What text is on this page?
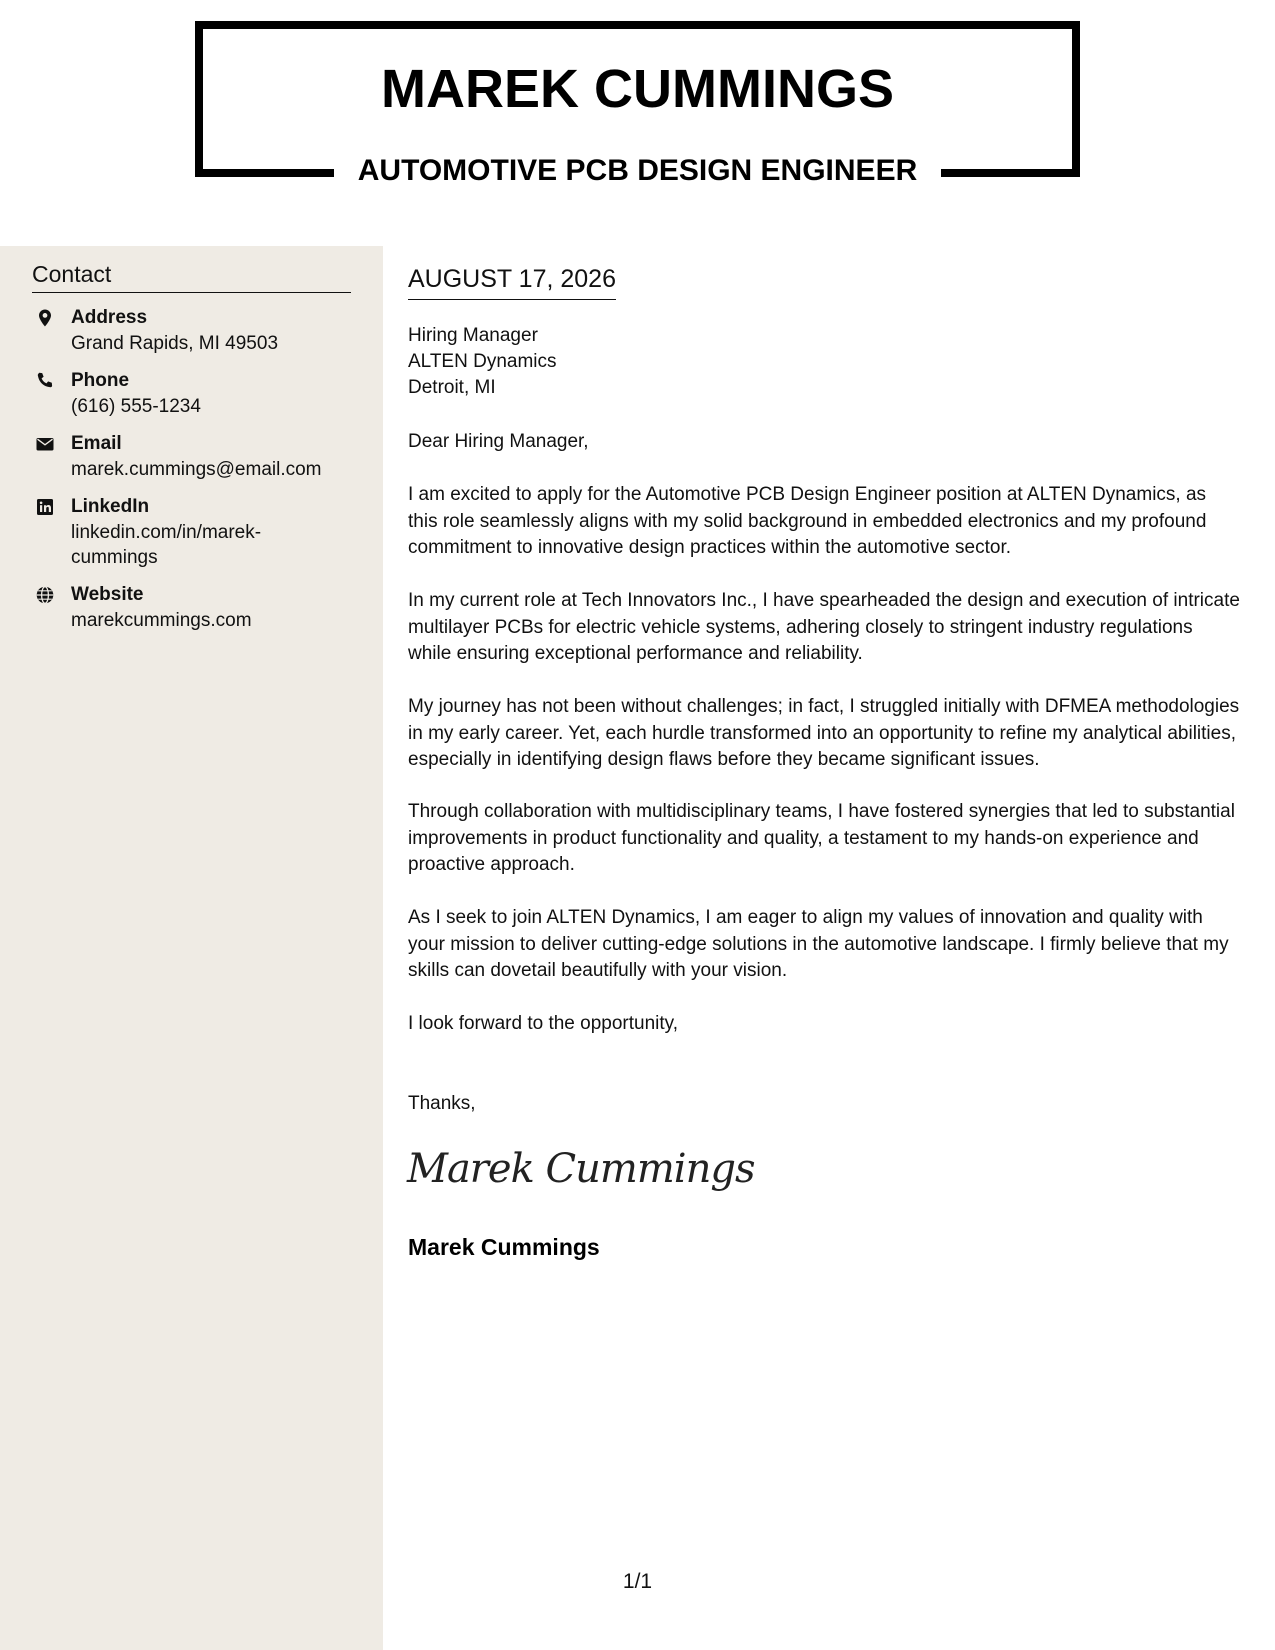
MAREK CUMMINGS
AUTOMOTIVE PCB DESIGN ENGINEER
Contact
Address
Grand Rapids, MI 49503
Phone
(616) 555-1234
Email
marek.cummings@email.com
LinkedIn
linkedin.com/in/marek-cummings
Website
marekcummings.com
AUGUST 17, 2026
Hiring Manager
ALTEN Dynamics
Detroit, MI

Dear Hiring Manager,

I am excited to apply for the Automotive PCB Design Engineer position at ALTEN Dynamics, as this role seamlessly aligns with my solid background in embedded electronics and my profound commitment to innovative design practices within the automotive sector.

In my current role at Tech Innovators Inc., I have spearheaded the design and execution of intricate multilayer PCBs for electric vehicle systems, adhering closely to stringent industry regulations while ensuring exceptional performance and reliability.

My journey has not been without challenges; in fact, I struggled initially with DFMEA methodologies in my early career. Yet, each hurdle transformed into an opportunity to refine my analytical abilities, especially in identifying design flaws before they became significant issues.

Through collaboration with multidisciplinary teams, I have fostered synergies that led to substantial improvements in product functionality and quality, a testament to my hands-on experience and proactive approach.

As I seek to join ALTEN Dynamics, I am eager to align my values of innovation and quality with your mission to deliver cutting-edge solutions in the automotive landscape. I firmly believe that my skills can dovetail beautifully with your vision.

I look forward to the opportunity,

Thanks,

Marek Cummings
Marek Cummings
1/1
